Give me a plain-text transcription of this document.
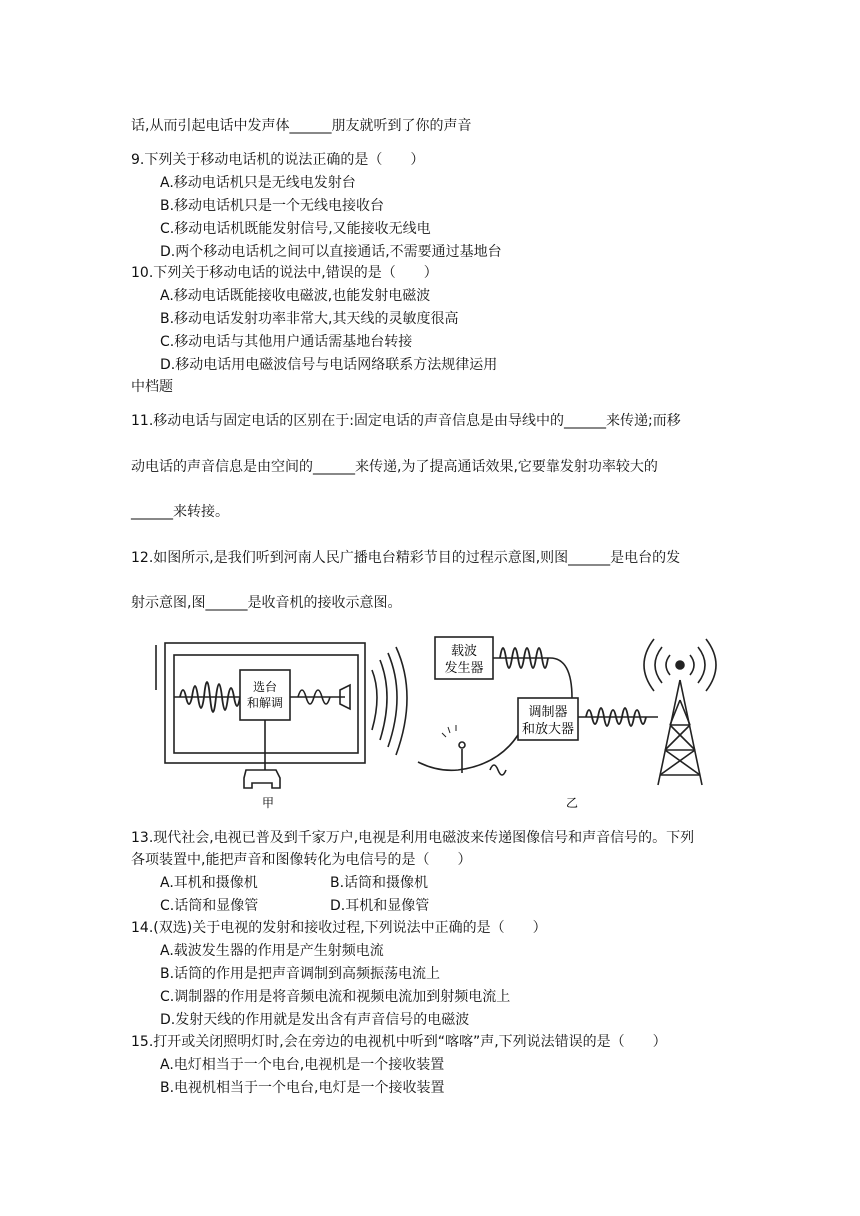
话,从而引起电话中发声体______朋友就听到了你的声音
9.下列关于移动电话机的说法正确的是（　　）
A.移动电话机只是无线电发射台
B.移动电话机只是一个无线电接收台
C.移动电话机既能发射信号,又能接收无线电
D.两个移动电话机之间可以直接通话,不需要通过基地台
10.下列关于移动电话的说法中,错误的是（　　）
A.移动电话既能接收电磁波,也能发射电磁波
B.移动电话发射功率非常大,其天线的灵敏度很高
C.移动电话与其他用户通话需基地台转接
D.移动电话用电磁波信号与电话网络联系方法规律运用
中档题
11.移动电话与固定电话的区别在于:固定电话的声音信息是由导线中的______来传递;而移
动电话的声音信息是由空间的______来传递,为了提高通话效果,它要靠发射功率较大的
______来转接。
12.如图所示,是我们听到河南人民广播电台精彩节目的过程示意图,则图______是电台的发
射示意图,图______是收音机的接收示意图。
选台
和解调
甲
载波
发生器
调制器
和放大器
乙
13.现代社会,电视已普及到千家万户,电视是利用电磁波来传递图像信号和声音信号的。下列
各项装置中,能把声音和图像转化为电信号的是（　　）
A.耳机和摄像机	B.话筒和摄像机
C.话筒和显像管	D.耳机和显像管
14.(双选)关于电视的发射和接收过程,下列说法中正确的是（　　）
A.载波发生器的作用是产生射频电流
B.话筒的作用是把声音调制到高频振荡电流上
C.调制器的作用是将音频电流和视频电流加到射频电流上
D.发射天线的作用就是发出含有声音信号的电磁波
15.打开或关闭照明灯时,会在旁边的电视机中听到“喀喀”声,下列说法错误的是（　　）
A.电灯相当于一个电台,电视机是一个接收装置
B.电视机相当于一个电台,电灯是一个接收装置
